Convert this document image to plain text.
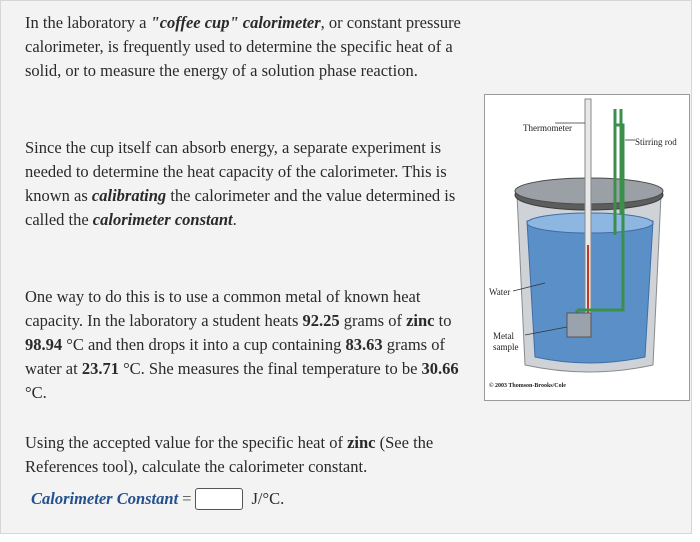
In the laboratory a "coffee cup" calorimeter, or constant pressure calorimeter, is frequently used to determine the specific heat of a solid, or to measure the energy of a solution phase reaction.

Since the cup itself can absorb energy, a separate experiment is needed to determine the heat capacity of the calorimeter. This is known as calibrating the calorimeter and the value determined is called the calorimeter constant.

One way to do this is to use a common metal of known heat capacity. In the laboratory a student heats 92.25 grams of zinc to 98.94 °C and then drops it into a cup containing 83.63 grams of water at 23.71 °C. She measures the final temperature to be 30.66 °C.

Using the accepted value for the specific heat of zinc (See the References tool), calculate the calorimeter constant.

Calorimeter Constant =	J/°C.
Thermometer
Stirring rod
Water
Metal
sample
© 2003 Thomson-Brooks/Cole
